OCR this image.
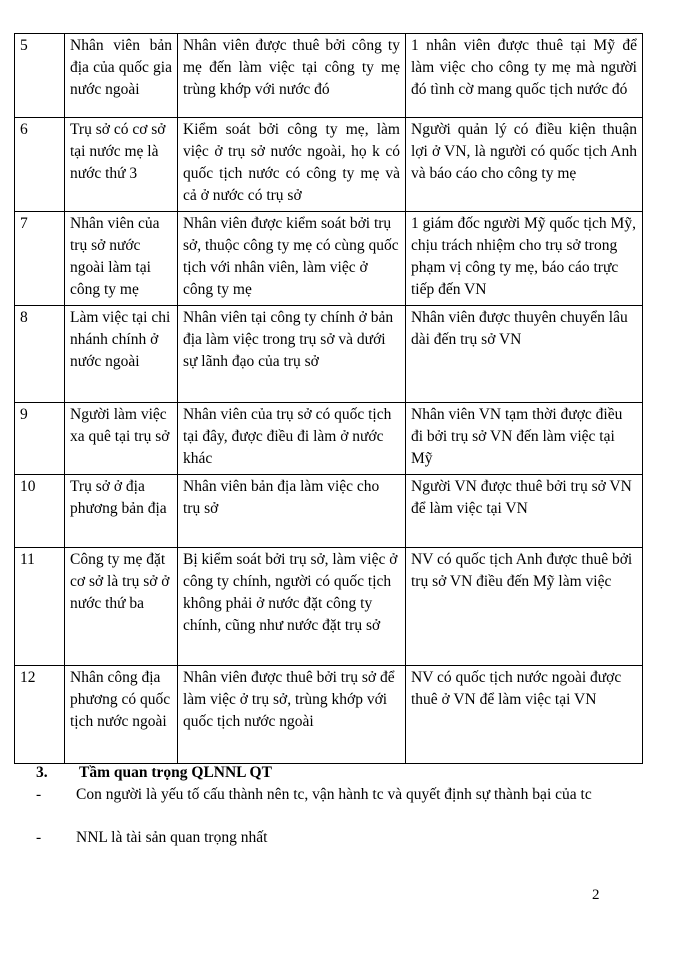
5	Nhân viên bản địa của quốc gia nước ngoài	Nhân viên được thuê bởi công ty mẹ đến làm việc tại công ty mẹ trùng khớp với nước đó	1 nhân viên được thuê tại Mỹ để làm việc cho công ty mẹ mà người đó tình cờ mang quốc tịch nước đó
6	Trụ sở có cơ sở tại nước mẹ là nước thứ 3	Kiểm soát bởi công ty mẹ, làm việc ở trụ sở nước ngoài, họ k có quốc tịch nước có công ty mẹ và cả ở nước có trụ sở	Người quản lý có điều kiện thuận lợi ở VN, là người có quốc tịch Anh và báo cáo cho công ty mẹ
7	Nhân viên của trụ sở nước ngoài làm tại công ty mẹ	Nhân viên được kiểm soát bởi trụ sở, thuộc công ty mẹ có cùng quốc tịch với nhân viên, làm việc ở công ty mẹ	1 giám đốc người Mỹ quốc tịch Mỹ, chịu trách nhiệm cho trụ sở trong phạm vị công ty mẹ, báo cáo trực tiếp đến VN
8	Làm việc tại chi nhánh chính ở nước ngoài	Nhân viên tại công ty chính ở bản địa làm việc trong trụ sở và dưới sự lãnh đạo của trụ sở	Nhân viên được thuyên chuyển lâu dài đến trụ sở VN
9	Người làm việc xa quê tại trụ sở	Nhân viên của trụ sở có quốc tịch tại đây, được điều đi làm ở nước khác	Nhân viên VN tạm thời được điều đi bởi trụ sở VN đến làm việc tại Mỹ
10	Trụ sở ở địa phương bản địa	Nhân viên bản địa làm việc cho trụ sở	Người VN được thuê bởi trụ sở VN để làm việc tại VN
11	Công ty mẹ đặt cơ sở là trụ sở ở nước thứ ba	Bị kiểm soát bởi trụ sở, làm việc ở công ty chính, người có quốc tịch không phải ở nước đặt công ty chính, cũng như nước đặt trụ sở	NV có quốc tịch Anh được thuê bởi trụ sở VN điều đến Mỹ làm việc
12	Nhân công địa phương có quốc tịch nước ngoài	Nhân viên được thuê bởi trụ sở để làm việc ở trụ sở, trùng khớp với quốc tịch nước ngoài	NV có quốc tịch nước ngoài được thuê ở VN để làm việc tại VN
3. Tầm quan trọng QLNNL QT
-	Con người là yếu tố cấu thành nên tc, vận hành tc và quyết định sự thành bại của tc
-	NNL là tài sản quan trọng nhất
2
